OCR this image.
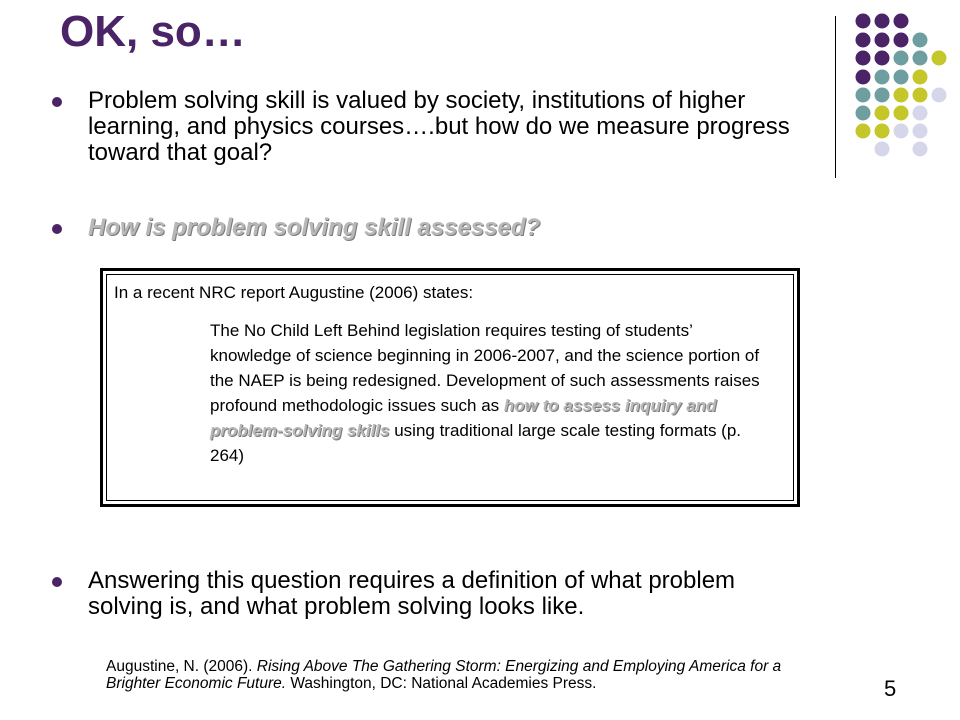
OK, so…
Problem solving skill is valued by society, institutions of higher learning, and physics courses….but how do we measure progress toward that goal?
How is problem solving skill assessed?
In a recent NRC report Augustine (2006) states:
The No Child Left Behind legislation requires testing of students’ knowledge of science beginning in 2006-2007, and the science portion of the NAEP is being redesigned. Development of such assessments raises profound methodologic issues such as how to assess inquiry and problem-solving skills using traditional large scale testing formats (p. 264)
Answering this question requires a definition of what problem solving is, and what problem solving looks like.
Augustine, N. (2006). Rising Above The Gathering Storm: Energizing and Employing America for a Brighter Economic Future. Washington, DC: National Academies Press.	5
